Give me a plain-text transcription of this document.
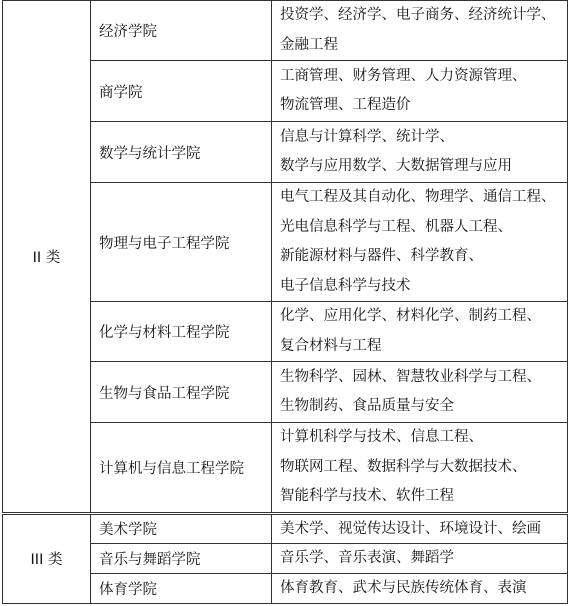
II 类	经济学院	投资学、经济学、电子商务、经济统计学、
金融工程

	商学院	工商管理、财务管理、人力资源管理、
物流管理、工程造价

	数学与统计学院	信息与计算科学、统计学、
数学与应用数学、大数据管理与应用

	物理与电子工程学院	电气工程及其自动化、物理学、通信工程、
光电信息科学与工程、机器人工程、
新能源材料与器件、科学教育、
电子信息科学与技术

	化学与材料工程学院	化学、应用化学、材料化学、制药工程、
复合材料与工程

	生物与食品工程学院	生物科学、园林、智慧牧业科学与工程、
生物制药、食品质量与安全

	计算机与信息工程学院	计算机科学与技术、信息工程、
物联网工程、数据科学与大数据技术、
智能科学与技术、软件工程

III 类	美术学院	美术学、视觉传达设计、环境设计、绘画

	音乐与舞蹈学院	音乐学、音乐表演、舞蹈学

	体育学院	体育教育、武术与民族传统体育、表演
